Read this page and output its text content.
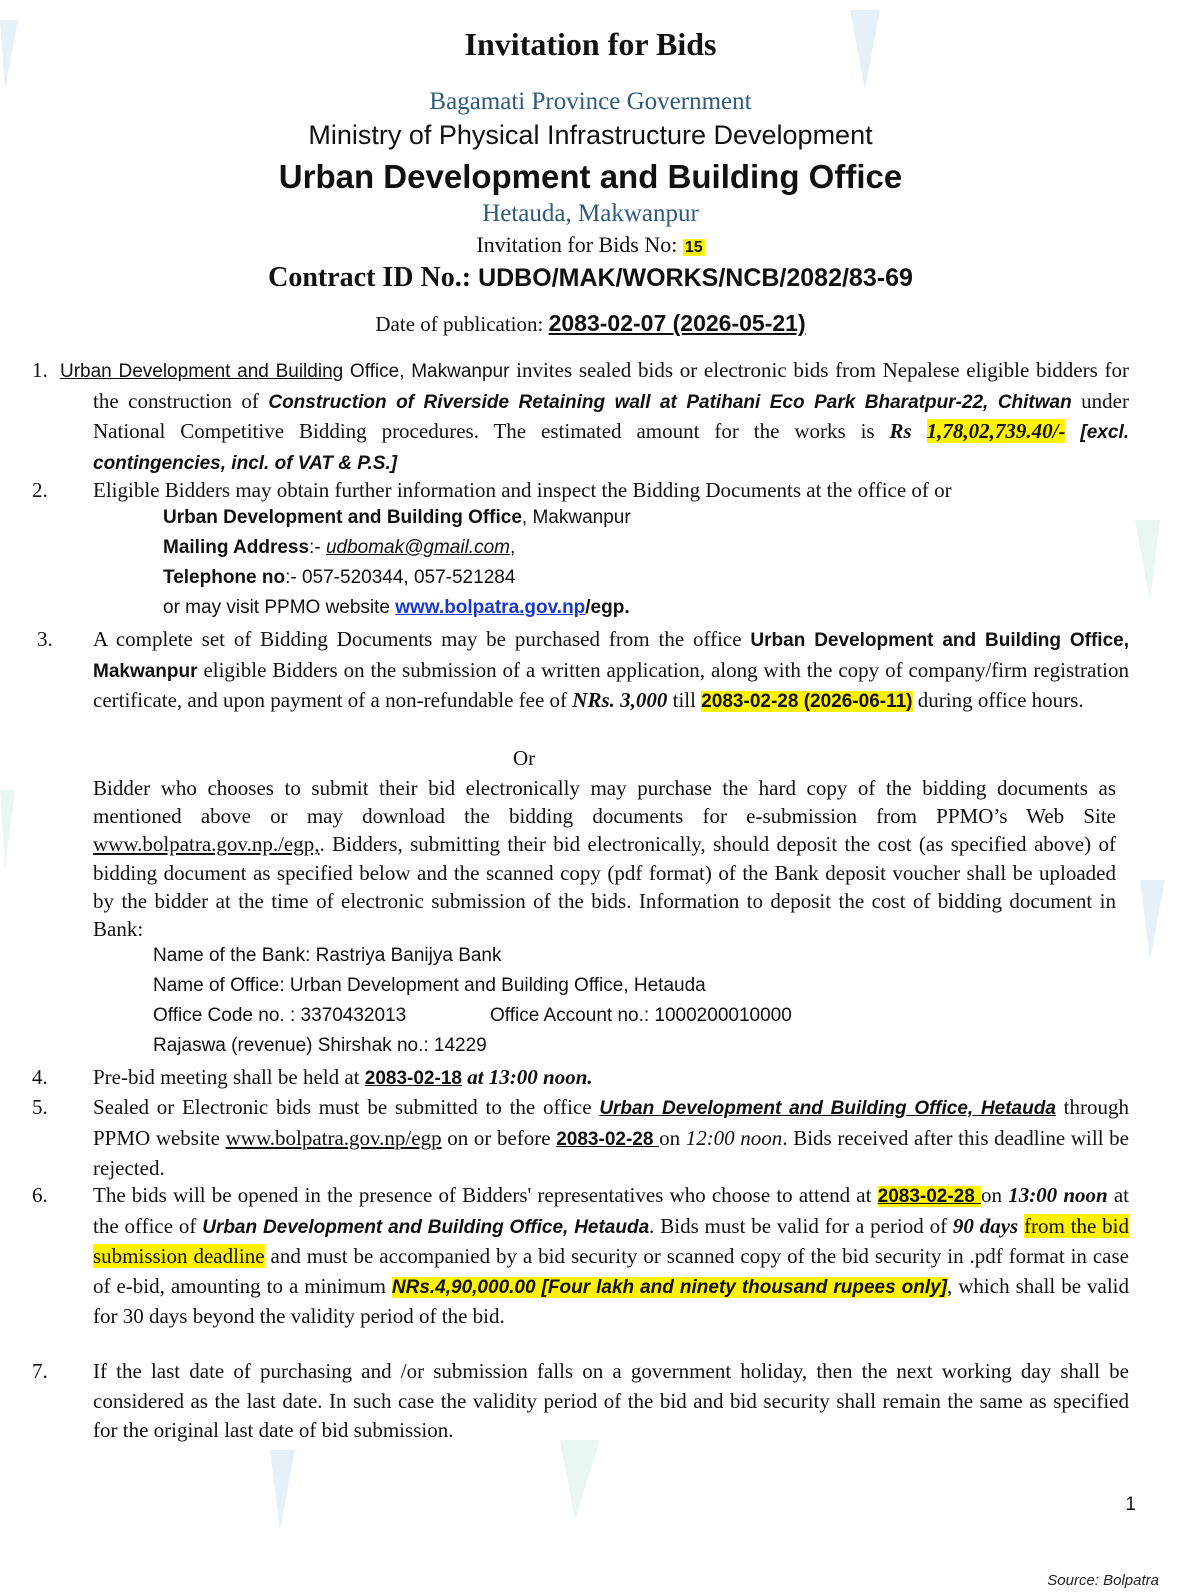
Invitation for Bids
Bagamati Province Government
Ministry of Physical Infrastructure Development
Urban Development and Building Office
Hetauda, Makwanpur
Invitation for Bids No: 15
Contract ID No.: UDBO/MAK/WORKS/NCB/2082/83-69
Date of publication: 2083-02-07 (2026-05-21)
1. Urban Development and Building Office, Makwanpur invites sealed bids or electronic bids from Nepalese eligible bidders for the construction of Construction of Riverside Retaining wall at Patihani Eco Park Bharatpur-22, Chitwan under National Competitive Bidding procedures. The estimated amount for the works is Rs 1,78,02,739.40/- [excl. contingencies, incl. of VAT & P.S.]
2. Eligible Bidders may obtain further information and inspect the Bidding Documents at the office of or
Urban Development and Building Office, Makwanpur
Mailing Address:- udbomak@gmail.com,
Telephone no:- 057-520344, 057-521284
or may visit PPMO website www.bolpatra.gov.np/egp.
3. A complete set of Bidding Documents may be purchased from the office Urban Development and Building Office, Makwanpur eligible Bidders on the submission of a written application, along with the copy of company/firm registration certificate, and upon payment of a non-refundable fee of NRs. 3,000 till 2083-02-28 (2026-06-11) during office hours.
Or
Bidder who chooses to submit their bid electronically may purchase the hard copy of the bidding documents as mentioned above or may download the bidding documents for e-submission from PPMO’s Web Site www.bolpatra.gov.np./egp,. Bidders, submitting their bid electronically, should deposit the cost (as specified above) of bidding document as specified below and the scanned copy (pdf format) of the Bank deposit voucher shall be uploaded by the bidder at the time of electronic submission of the bids. Information to deposit the cost of bidding document in Bank:
Name of the Bank: Rastriya Banijya Bank
Name of Office: Urban Development and Building Office, Hetauda
Office Code no. : 3370432013	Office Account no.: 1000200010000
Rajaswa (revenue) Shirshak no.: 14229
4. Pre-bid meeting shall be held at 2083-02-18 at 13:00 noon.
5. Sealed or Electronic bids must be submitted to the office Urban Development and Building Office, Hetauda through PPMO website www.bolpatra.gov.np/egp on or before 2083-02-28 on 12:00 noon. Bids received after this deadline will be rejected.
6. The bids will be opened in the presence of Bidders' representatives who choose to attend at 2083-02-28 on 13:00 noon at the office of Urban Development and Building Office, Hetauda. Bids must be valid for a period of 90 days from the bid submission deadline and must be accompanied by a bid security or scanned copy of the bid security in .pdf format in case of e-bid, amounting to a minimum NRs.4,90,000.00 [Four lakh and ninety thousand rupees only], which shall be valid for 30 days beyond the validity period of the bid.
7. If the last date of purchasing and /or submission falls on a government holiday, then the next working day shall be considered as the last date. In such case the validity period of the bid and bid security shall remain the same as specified for the original last date of bid submission.
1
Source: Bolpatra
